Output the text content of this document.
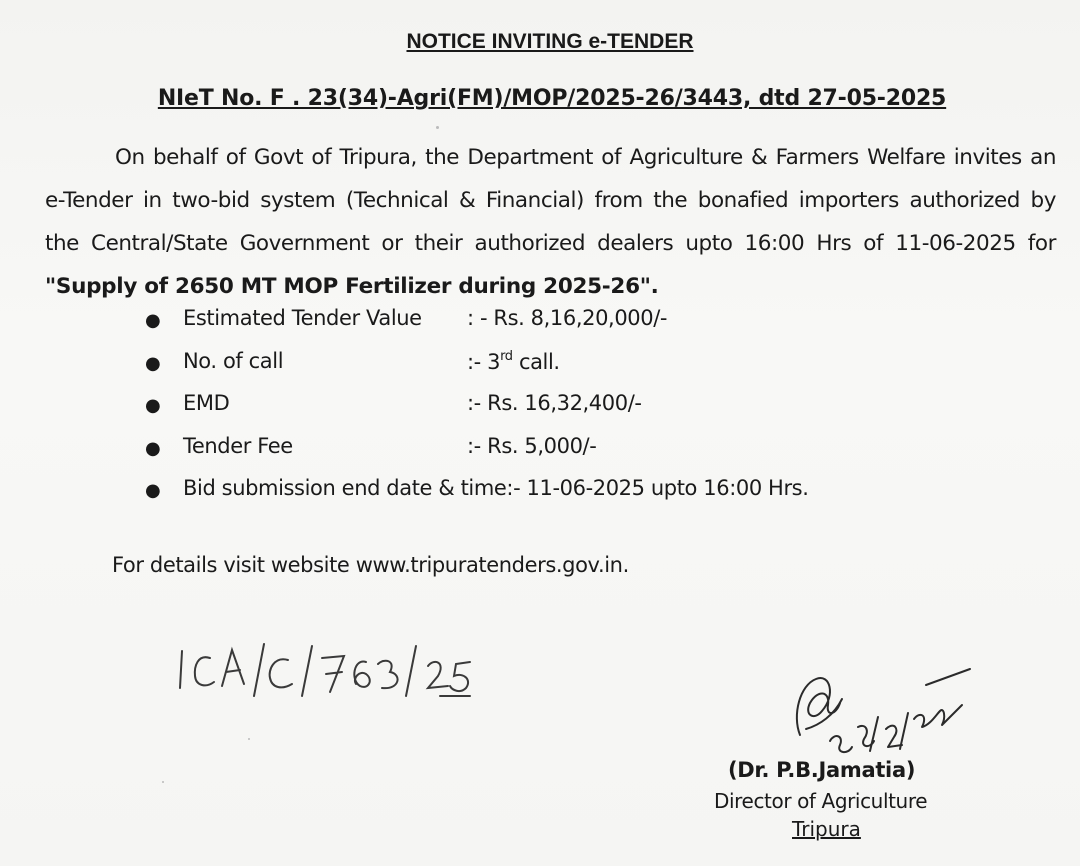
NOTICE INVITING e-TENDER
NIeT No. F . 23(34)-Agri(FM)/MOP/2025-26/3443, dtd 27-05-2025
On behalf of Govt of Tripura, the Department of Agriculture & Farmers Welfare invites an
e-Tender in two-bid system (Technical & Financial) from the bonafied importers authorized by
the Central/State Government or their authorized dealers upto 16:00 Hrs of 11-06-2025 for
"Supply of 2650 MT MOP Fertilizer during 2025-26".
● Estimated Tender Value : - Rs. 8,16,20,000/-
● No. of call	:- 3rd call.
● EMD	:- Rs. 16,32,400/-
● Tender Fee	:- Rs. 5,000/-
● Bid submission end date & time:- 11-06-2025 upto 16:00 Hrs.
For details visit website www.tripuratenders.gov.in.
(Dr. P.B.Jamatia)
Director of Agriculture
Tripura
